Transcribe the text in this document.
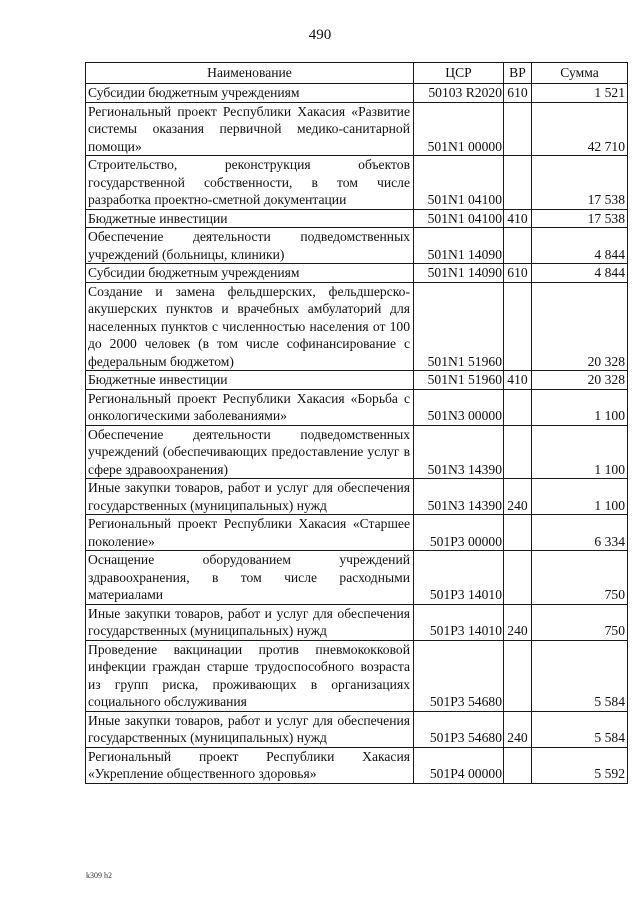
490
Наименование	ЦСР	ВР	Сумма
Субсидии бюджетным учреждениям	50103 R2020	610	1 521
Региональный проект Республики Хакасия «Развитие системы оказания первичной медико-санитарной помощи»	501N1 00000		42 710
Строительство, реконструкция объектов государственной собственности, в том числе разработка проектно-сметной документации	501N1 04100		17 538
Бюджетные инвестиции	501N1 04100	410	17 538
Обеспечение деятельности подведомственных учреждений (больницы, клиники)	501N1 14090		4 844
Субсидии бюджетным учреждениям	501N1 14090	610	4 844
Создание и замена фельдшерских, фельдшерско-акушерских пунктов и врачебных амбулаторий для населенных пунктов с численностью населения от 100 до 2000 человек (в том числе софинансирование с федеральным бюджетом)	501N1 51960		20 328
Бюджетные инвестиции	501N1 51960	410	20 328
Региональный проект Республики Хакасия «Борьба с онкологическими заболеваниями»	501N3 00000		1 100
Обеспечение деятельности подведомственных учреждений (обеспечивающих предоставление услуг в сфере здравоохранения)	501N3 14390		1 100
Иные закупки товаров, работ и услуг для обеспечения государственных (муниципальных) нужд	501N3 14390	240	1 100
Региональный проект Республики Хакасия «Старшее поколение»	501P3 00000		6 334
Оснащение оборудованием учреждений здравоохранения, в том числе расходными материалами	501P3 14010		750
Иные закупки товаров, работ и услуг для обеспечения государственных (муниципальных) нужд	501P3 14010	240	750
Проведение вакцинации против пневмококковой инфекции граждан старше трудоспособного возраста из групп риска, проживающих в организациях социального обслуживания	501P3 54680		5 584
Иные закупки товаров, работ и услуг для обеспечения государственных (муниципальных) нужд	501P3 54680	240	5 584
Региональный проект Республики Хакасия «Укрепление общественного здоровья»	501P4 00000		5 592
k309 h2
